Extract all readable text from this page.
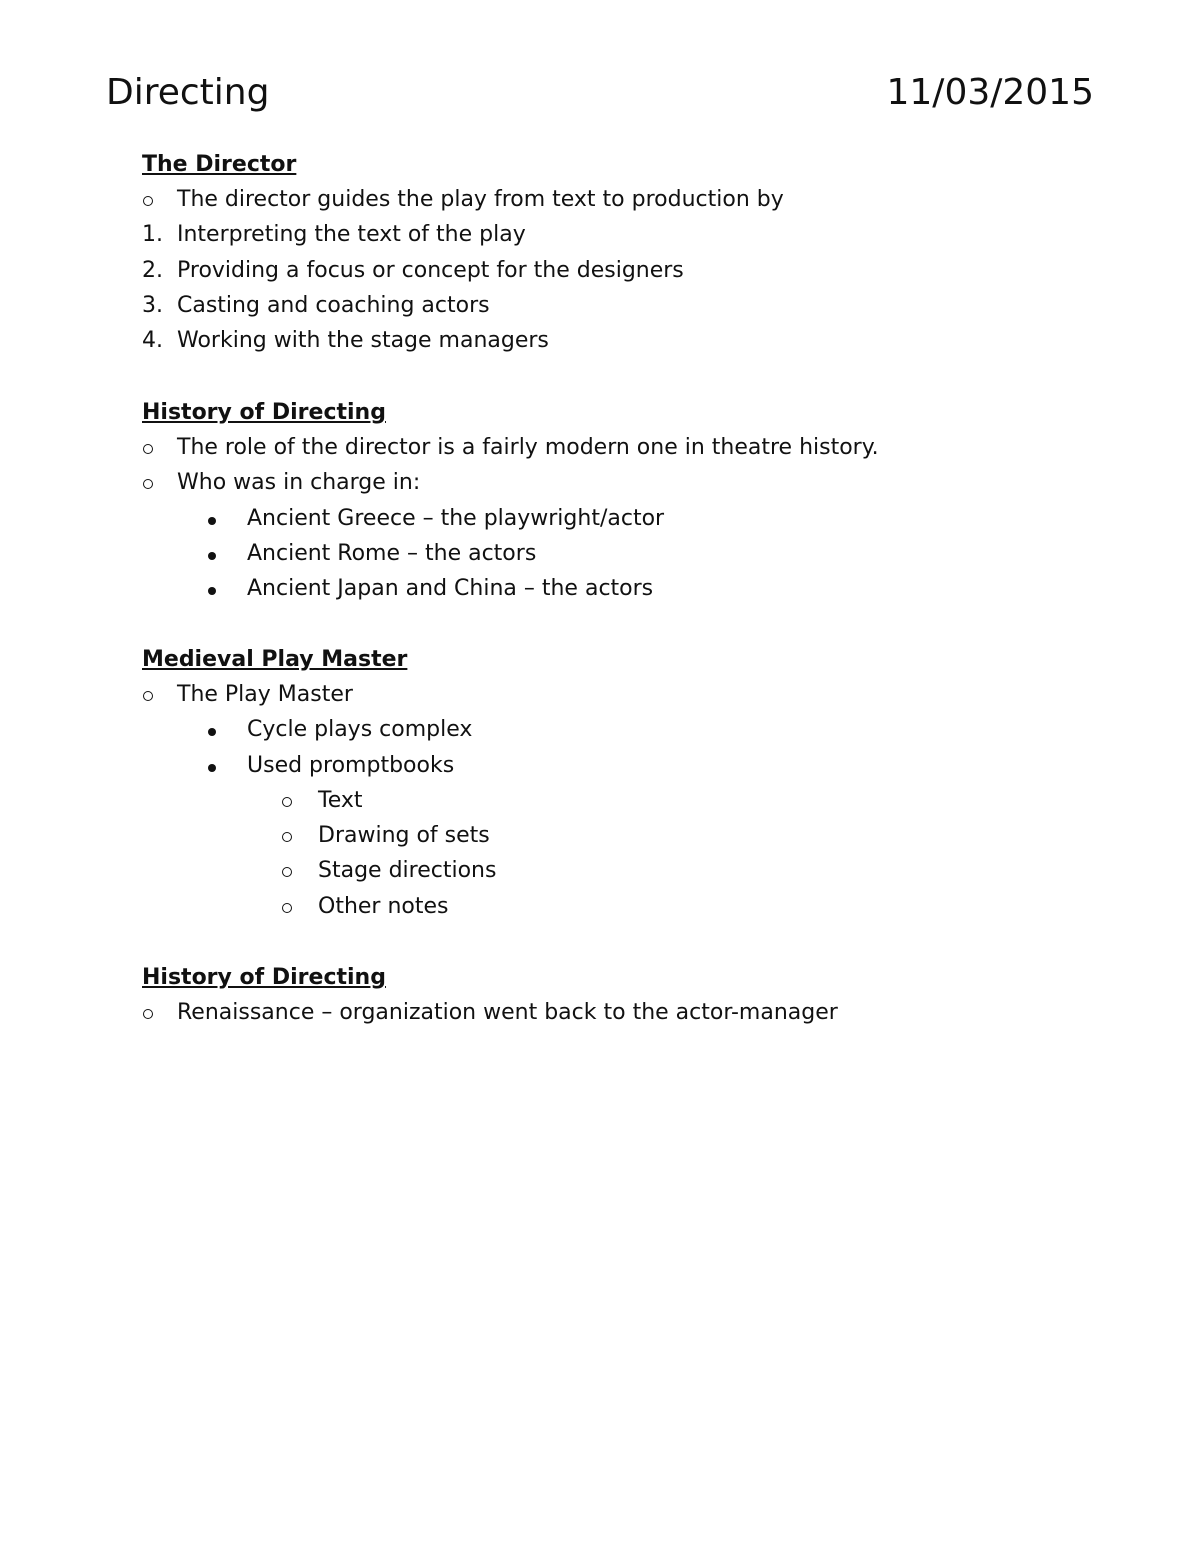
Directing	11/03/2015
The Director
The director guides the play from text to production by
1. Interpreting the text of the play
2. Providing a focus or concept for the designers
3. Casting and coaching actors
4. Working with the stage managers
History of Directing
The role of the director is a fairly modern one in theatre history.
Who was in charge in:
Ancient Greece – the playwright/actor
Ancient Rome – the actors
Ancient Japan and China – the actors
Medieval Play Master
The Play Master
Cycle plays complex
Used promptbooks
Text
Drawing of sets
Stage directions
Other notes
History of Directing
Renaissance – organization went back to the actor-manager
